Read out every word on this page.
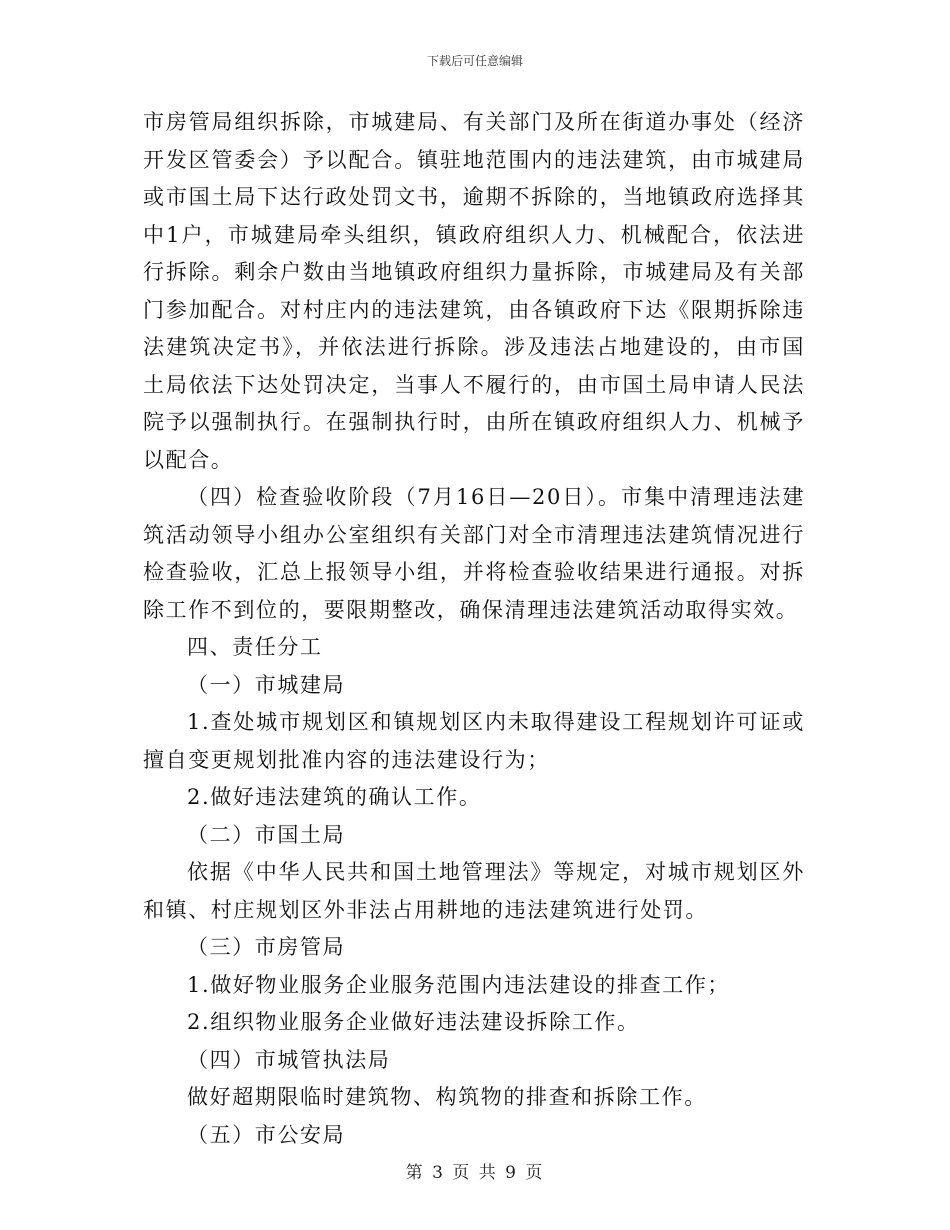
下载后可任意编辑

市房管局组织拆除，市城建局、有关部门及所在街道办事处（经济开发区管委会）予以配合。镇驻地范围内的违法建筑，由市城建局或市国土局下达行政处罚文书，逾期不拆除的，当地镇政府选择其中1户，市城建局牵头组织，镇政府组织人力、机械配合，依法进行拆除。剩余户数由当地镇政府组织力量拆除，市城建局及有关部门参加配合。对村庄内的违法建筑，由各镇政府下达《限期拆除违法建筑决定书》，并依法进行拆除。涉及违法占地建设的，由市国土局依法下达处罚决定，当事人不履行的，由市国土局申请人民法院予以强制执行。在强制执行时，由所在镇政府组织人力、机械予以配合。

（四）检查验收阶段（7月16日—20日）。市集中清理违法建筑活动领导小组办公室组织有关部门对全市清理违法建筑情况进行检查验收，汇总上报领导小组，并将检查验收结果进行通报。对拆除工作不到位的，要限期整改，确保清理违法建筑活动取得实效。

四、责任分工

（一）市城建局

1.查处城市规划区和镇规划区内未取得建设工程规划许可证或擅自变更规划批准内容的违法建设行为；

2.做好违法建筑的确认工作。

（二）市国土局

依据《中华人民共和国土地管理法》等规定，对城市规划区外和镇、村庄规划区外非法占用耕地的违法建筑进行处罚。

（三）市房管局

1.做好物业服务企业服务范围内违法建设的排查工作；

2.组织物业服务企业做好违法建设拆除工作。

（四）市城管执法局

做好超期限临时建筑物、构筑物的排查和拆除工作。

（五）市公安局

第 3 页 共 9 页
